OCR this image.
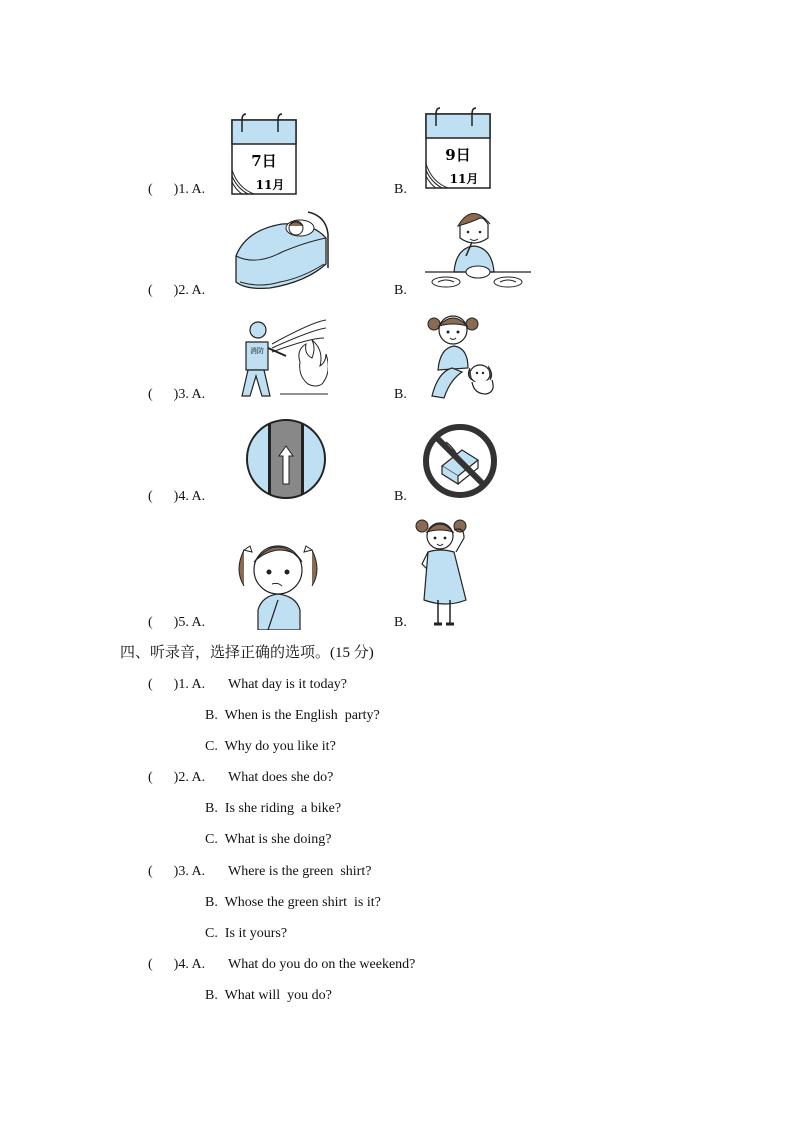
(      )1. A.	B.
(      )2. A.	B.
(      )3. A.	B.
(      )4. A.	B.
(      )5. A.	B.
7日
11月
9日
11月
消防
四、听录音，选择正确的选项。(15 分)
(      )1. A. What day is it today?
B.  When is the English  party?
C.  Why do you like it?
(      )2. A. What does she do?
B.  Is she riding  a bike?
C.  What is she doing?
(      )3. A. Where is the green  shirt?
B.  Whose the green shirt  is it?
C.  Is it yours?
(      )4. A. What do you do on the weekend?
B.  What will  you do?
